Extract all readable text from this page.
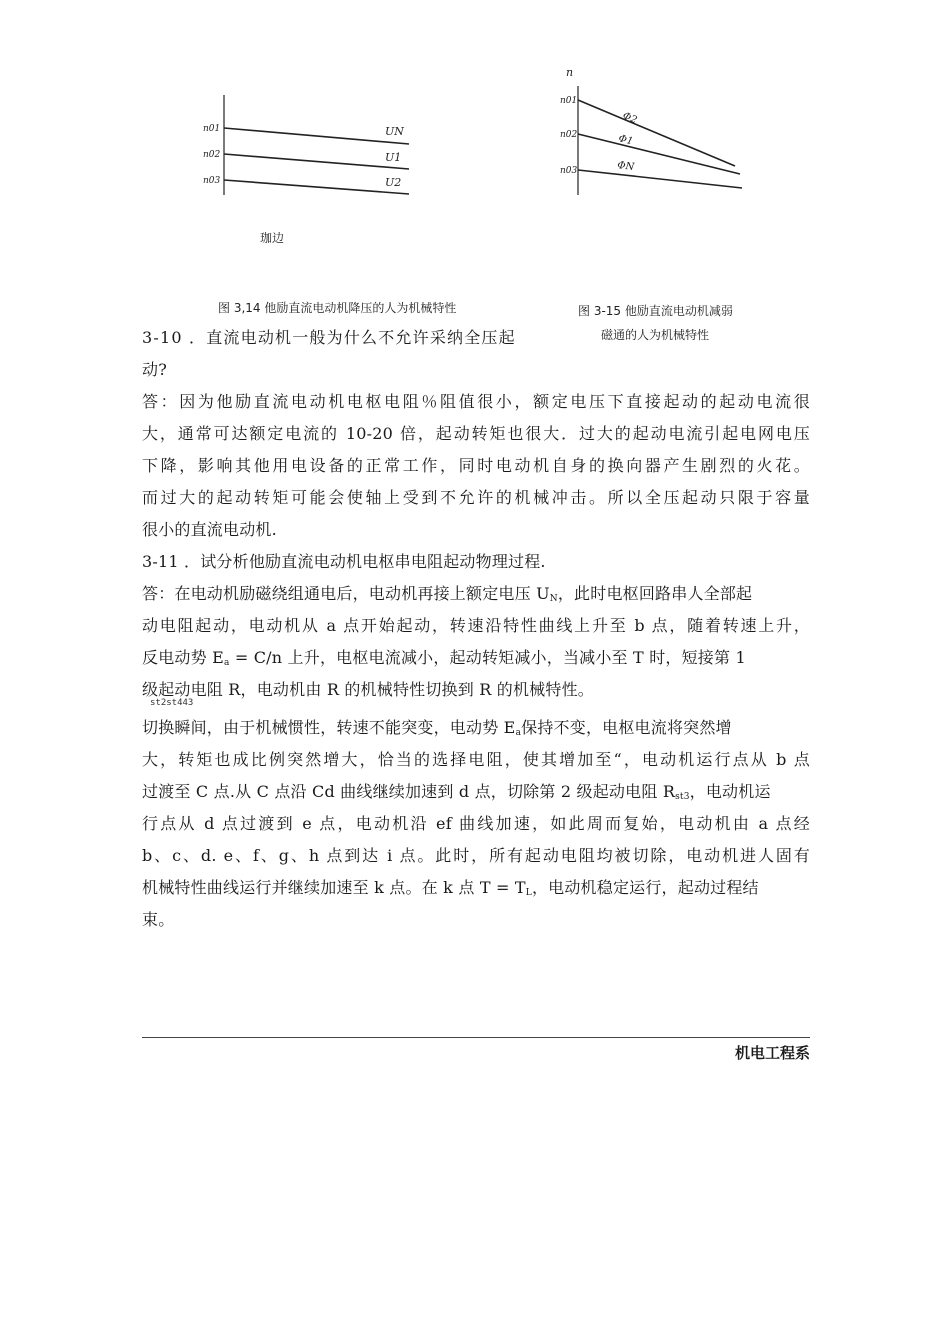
n01
n02
n03
UN
U1
U2
珈边
图 3,14 他励直流电动机降压的人为机械特性
n
n01
n02
n03
Φ2
Φ1
ΦN
图 3-15 他励直流电动机减弱
磁通的人为机械特性
3-10 ．直流电动机一般为什么不允许采纳全压起
动?
答：因为他励直流电动机电枢电阻％阻值很小，额定电压下直接起动的起动电流很
大，通常可达额定电流的 10-20 倍，起动转矩也很大．过大的起动电流引起电网电压
下降，影响其他用电设备的正常工作，同时电动机自身的换向器产生剧烈的火花。
而过大的起动转矩可能会使轴上受到不允许的机械冲击。所以全压起动只限于容量
很小的直流电动机.
3-11 ．试分析他励直流电动机电枢串电阻起动物理过程.
答：在电动机励磁绕组通电后，电动机再接上额定电压 $U_N$，此时电枢回路串人全部起
动电阻起动，电动机从 a 点开始起动，转速沿特性曲线上升至 b 点，随着转速上升，
反电动势 $E_a = C/n$ 上升，电枢电流减小，起动转矩减小，当减小至 T 时，短接第 1
级起动电阻 R，电动机由 R 的机械特性切换到 R 的机械特性。
st2st443
切换瞬间，由于机械惯性，转速不能突变，电动势 $E_a$保持不变，电枢电流将突然增
大，转矩也成比例突然增大，恰当的选择电阻，使其增加至“，电动机运行点从 b 点
过渡至 C 点.从 C 点沿 Cd 曲线继续加速到 d 点，切除第 2 级起动电阻 $R_{st3}$，电动机运
行点从 d 点过渡到 e 点，电动机沿 ef 曲线加速，如此周而复始，电动机由 a 点经
b、c、d. e、f、g、h 点到达 i 点。此时，所有起动电阻均被切除，电动机进人固有
机械特性曲线运行并继续加速至 k 点。在 k 点 $T = T_L$，电动机稳定运行，起动过程结
束。
机电工程系
